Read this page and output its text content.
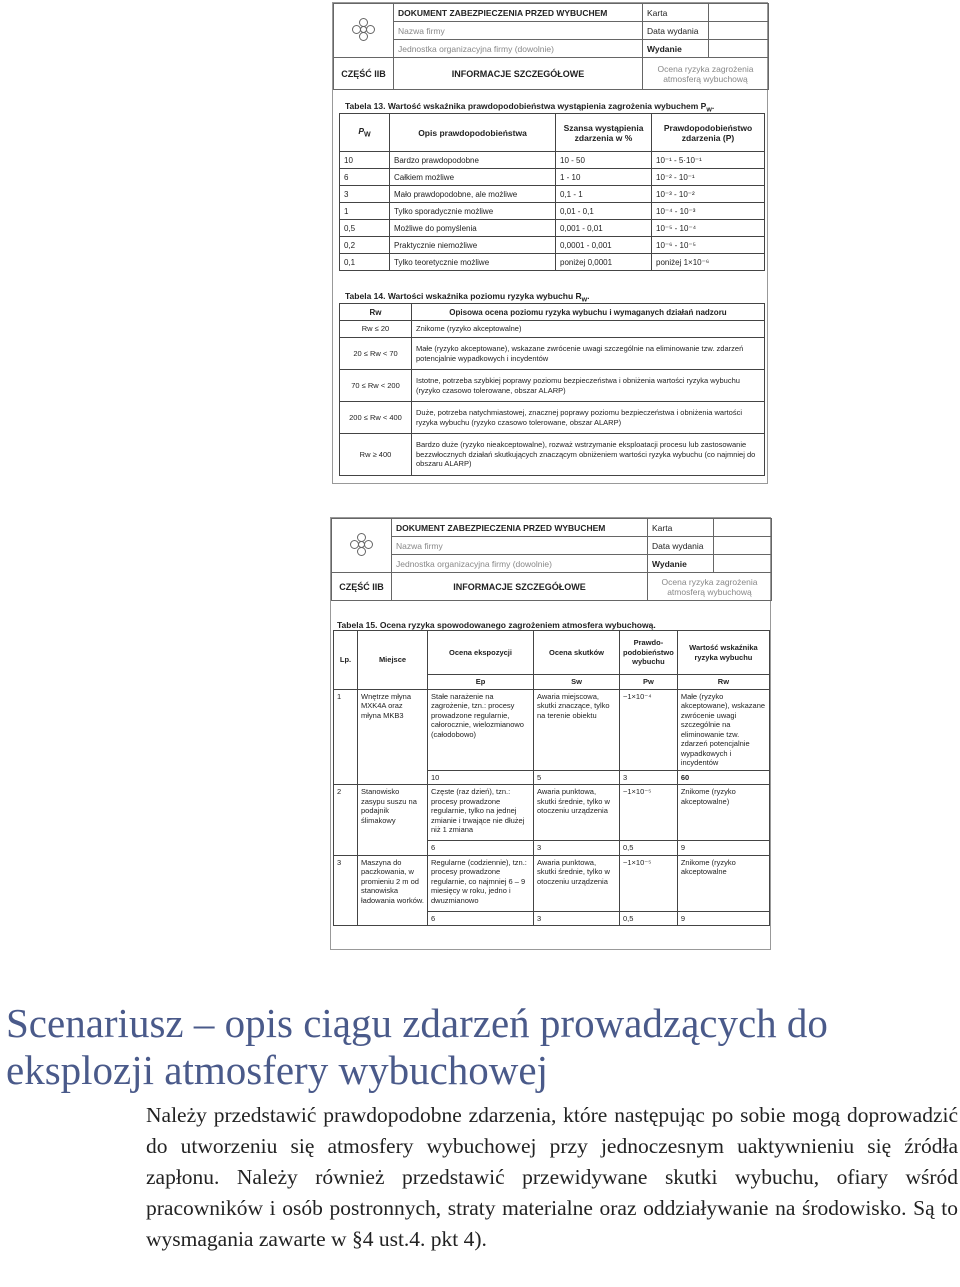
	DOKUMENT ZABEZPIECZENIA PRZED WYBUCHEM	Karta	
	Nazwa firmy	Data wydania	
	Jednostka organizacyjna firmy (dowolnie)	Wydanie	
CZĘŚĆ IIB	INFORMACJE SZCZEGÓŁOWE	Ocena ryzyka zagrożenia atmosferą wybuchową	
Tabela 13. Wartość wskaźnika prawdopodobieństwa wystąpienia zagrożenia wybuchem $P_w$.
$P_W$	Opis prawdopodobieństwa	Szansa wystąpienia zdarzenia w %	Prawdopodobieństwo zdarzenia (P)
10	Bardzo prawdopodobne	10 - 50	10⁻¹ - 5·10⁻¹
6	Całkiem możliwe	1 - 10	10⁻² - 10⁻¹
3	Mało prawdopodobne, ale możliwe	0,1 - 1	10⁻³ - 10⁻²
1	Tylko sporadycznie możliwe	0,01 - 0,1	10⁻⁴ - 10⁻³
0,5	Możliwe do pomyślenia	0,001 - 0,01	10⁻⁵ - 10⁻⁴
0,2	Praktycznie niemożliwe	0,0001 - 0,001	10⁻⁶ - 10⁻⁵
0,1	Tylko teoretycznie możliwe	poniżej 0,0001	poniżej 1×10⁻⁶
Tabela 14. Wartości wskaźnika poziomu ryzyka wybuchu $R_w$.
Rw	Opisowa ocena poziomu ryzyka wybuchu i wymaganych działań nadzoru
Rw ≤ 20	Znikome (ryzyko akceptowalne)
20 ≤ Rw < 70	Małe (ryzyko akceptowane), wskazane zwrócenie uwagi szczególnie na eliminowanie tzw. zdarzeń potencjalnie wypadkowych i incydentów
70 ≤ Rw < 200	Istotne, potrzeba szybkiej poprawy poziomu bezpieczeństwa i obniżenia wartości ryzyka wybuchu (ryzyko czasowo tolerowane, obszar ALARP)
200 ≤ Rw < 400	Duże, potrzeba natychmiastowej, znacznej poprawy poziomu bezpieczeństwa i obniżenia wartości ryzyka wybuchu (ryzyko czasowo tolerowane, obszar ALARP)
Rw ≥ 400	Bardzo duże (ryzyko nieakceptowalne), rozważ wstrzymanie eksploatacji procesu lub zastosowanie bezzwłocznych działań skutkujących znaczącym obniżeniem wartości ryzyka wybuchu (co najmniej do obszaru ALARP)
	DOKUMENT ZABEZPIECZENIA PRZED WYBUCHEM	Karta	
	Nazwa firmy	Data wydania	
	Jednostka organizacyjna firmy (dowolnie)	Wydanie	
CZĘŚĆ IIB	INFORMACJE SZCZEGÓŁOWE	Ocena ryzyka zagrożenia atmosferą wybuchową	
Tabela 15. Ocena ryzyka spowodowanego zagrożeniem atmosfera wybuchową.
Lp.	Miejsce	Ocena ekspozycji	Ocena skutków	Prawdo-podobieństwo wybuchu	Wartość wskaźnika ryzyka wybuchu
		Ep	Sw	Pw	Rw
1	Wnętrze młyna MXK4A oraz młyna MKB3	Stałe narażenie na zagrożenie, tzn.: procesy prowadzone regularnie, całorocznie, wielozmianowo (całodobowo)	Awaria miejscowa, skutki znaczące, tylko na terenie obiektu	~1×10⁻⁴	Małe (ryzyko akceptowane), wskazane zwrócenie uwagi szczególnie na eliminowanie tzw. zdarzeń potencjalnie wypadkowych i incydentów
		10	5	3	60
2	Stanowisko zasypu suszu na podajnik ślimakowy	Częste (raz dzień), tzn.: procesy prowadzone regularnie, tylko na jednej zmianie i trwające nie dłużej niż 1 zmiana	Awaria punktowa, skutki średnie, tylko w otoczeniu urządzenia	~1×10⁻⁵	Znikome (ryzyko akceptowalne)
		6	3	0,5	9
3	Maszyna do paczkowania, w promieniu 2 m od stanowiska ładowania worków.	Regularne (codziennie), tzn.: procesy prowadzone regularnie, co najmniej 6 – 9 miesięcy w roku, jedno i dwuzmianowo	Awaria punktowa, skutki średnie, tylko w otoczeniu urządzenia	~1×10⁻⁵	Znikome (ryzyko akceptowalne
		6	3	0,5	9
Scenariusz – opis ciągu zdarzeń prowadzących do eksplozji atmosfery wybuchowej
Należy przedstawić prawdopodobne zdarzenia, które następując po sobie mogą doprowadzić do utworzeniu się atmosfery wybuchowej przy jednoczesnym uaktywnieniu się źródła zapłonu. Należy również przedstawić przewidywane skutki wybuchu, ofiary wśród pracowników i osób postronnych, straty materialne oraz oddziaływanie na środowisko. Są to wysmagania zawarte w §4 ust.4. pkt 4).
